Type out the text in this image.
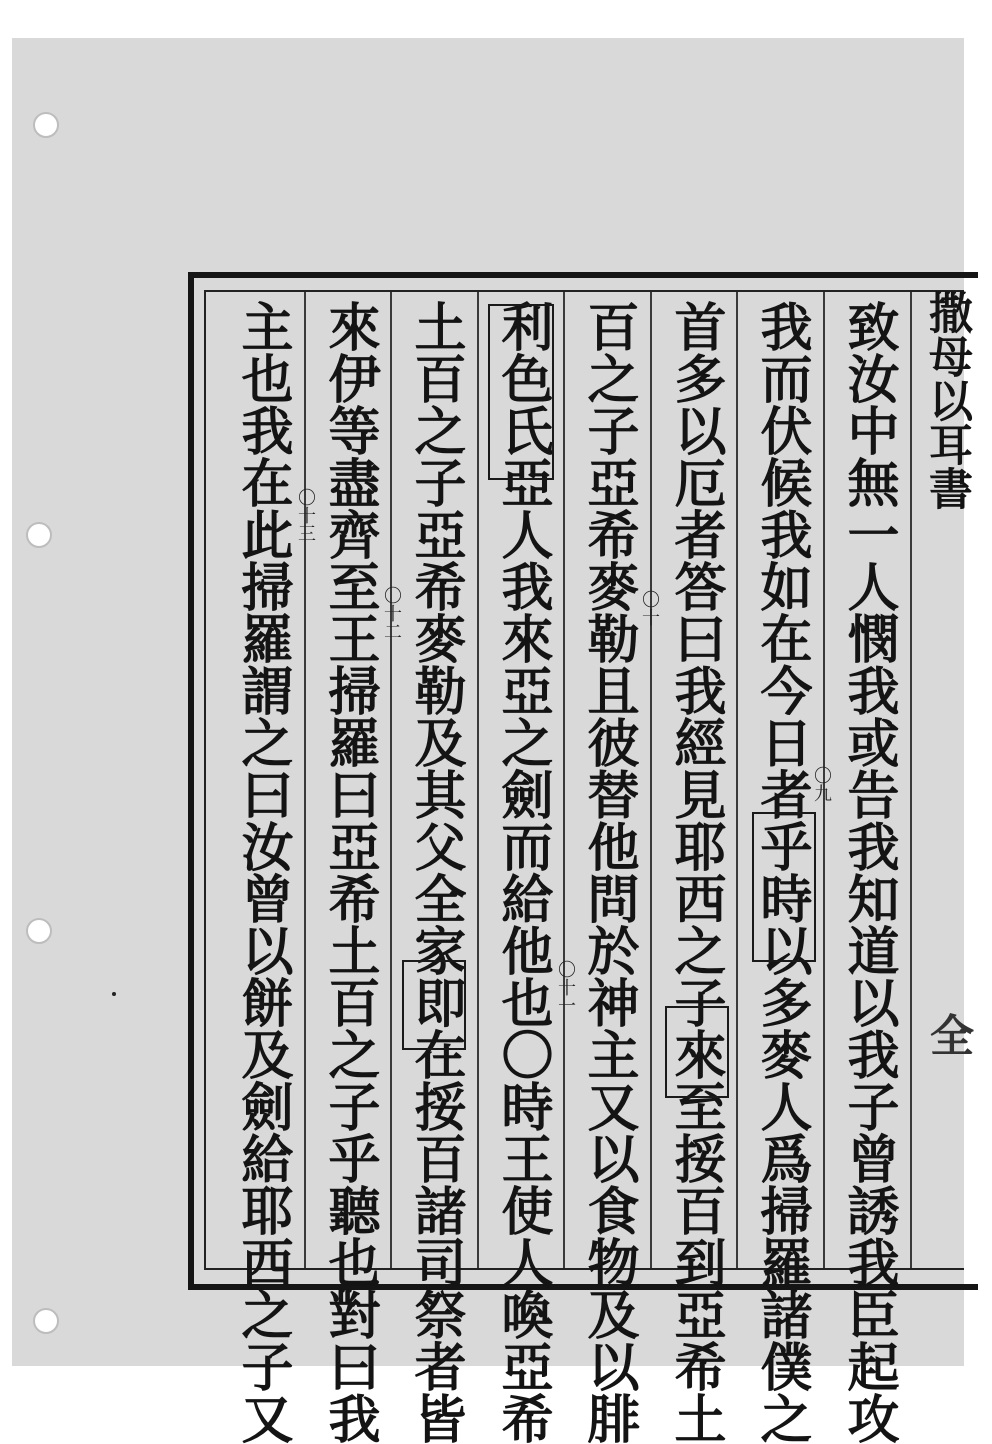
撒母以耳書
全
致汝中無一人憫我或告我知道以我子曾誘我臣起攻
我而伏候我如在今日者乎時以多麥人爲掃羅諸僕之
首多以厄者答曰我經見耶西之子來至挼百到亞希土
百之子亞希麥勒且彼替他問於神主又以食物及以腓
利色氏亞人我來亞之劍而給他也〇時王使人喚亞希
土百之子亞希麥勒及其父全家即在挼百諸司祭者皆
來伊等盡齊至王掃羅曰亞希土百之子乎聽也對曰我
主也我在此掃羅謂之曰汝曾以餅及劍給耶西之子又	〇九
〇十
〇十一
〇十二
〇十三
